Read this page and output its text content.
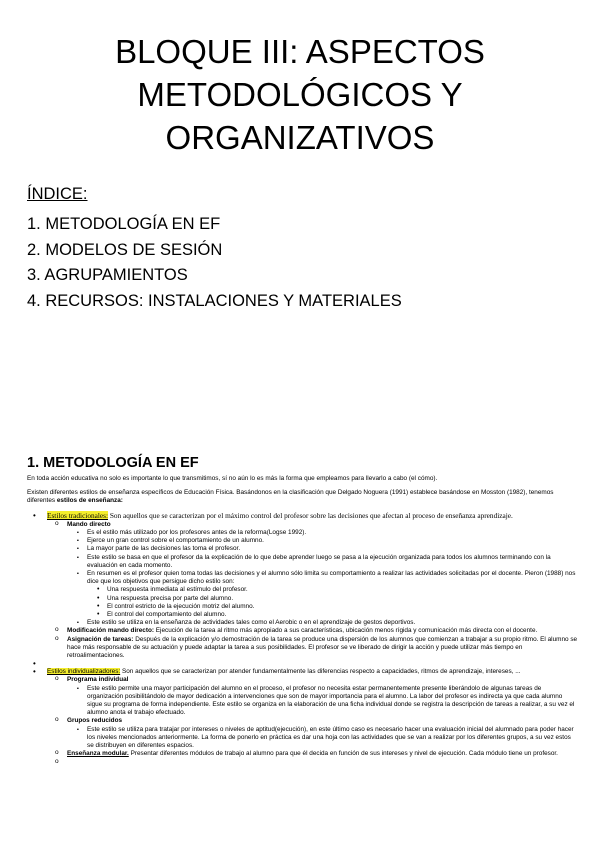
BLOQUE III: ASPECTOS
METODOLÓGICOS Y
ORGANIZATIVOS
ÍNDICE:
1. METODOLOGÍA EN EF
2. MODELOS DE SESIÓN
3. AGRUPAMIENTOS
4. RECURSOS: INSTALACIONES Y MATERIALES
1. METODOLOGÍA EN EF

En toda acción educativa no solo es importante lo que transmitimos, sí no aún lo es más la forma que empleamos para llevarlo a cabo (el cómo).

Existen diferentes estilos de enseñanza específicos de Educación Física. Basándonos en la clasificación que Delgado Noguera (1991) establece basándose en Mosston (1982), tenemos diferentes estilos de enseñanza:

• Estilos tradicionales: Son aquellos que se caracterizan por el máximo control del profesor sobre las decisiones que afectan al proceso de enseñanza aprendizaje.
o Mando directo
▪ Es el estilo más utilizado por los profesores antes de la reforma(Logse 1992).
▪ Ejerce un gran control sobre el comportamiento de un alumno.
▪ La mayor parte de las decisiones las toma el profesor.
▪ Este estilo se basa en que el profesor da la explicación de lo que debe aprender luego se pasa a la ejecución organizada para todos los alumnos terminando con la evaluación en cada momento.
▪ En resumen es el profesor quien toma todas las decisiones y el alumno sólo limita su comportamiento a realizar las actividades solicitadas por el docente. Pieron (1988) nos dice que los objetivos que persigue dicho estilo son:
• Una respuesta inmediata al estímulo del profesor.
• Una respuesta precisa por parte del alumno.
• El control estricto de la ejecución motriz del alumno.
• El control del comportamiento del alumno.
▪ Este estilo se utiliza en la enseñanza de actividades tales como el Aerobic o en el aprendizaje de gestos deportivos.
o Modificación mando directo: Ejecución de la tarea al ritmo más apropiado a sus características, ubicación menos rígida y comunicación más directa con el docente.
o Asignación de tareas: Después de la explicación y/o demostración de la tarea se produce una dispersión de los alumnos que comienzan a trabajar a su propio ritmo. El alumno se hace más responsable de su actuación y puede adaptar la tarea a sus posibilidades. El profesor se ve liberado de dirigir la acción y puede utilizar más tiempo en retroalimentaciones.
•
• Estilos individualizadores: Son aquellos que se caracterizan por atender fundamentalmente las diferencias respecto a capacidades, ritmos de aprendizaje, intereses, ...
o Programa individual
▪ Este estilo permite una mayor participación del alumno en el proceso, el profesor no necesita estar permanentemente presente liberándolo de algunas tareas de organización posibilitándolo de mayor dedicación a intervenciones que son de mayor importancia para el alumno. La labor del profesor es indirecta ya que cada alumno sigue su programa de forma independiente. Este estilo se organiza en la elaboración de una ficha individual donde se registra la descripción de tareas a realizar, a su vez el alumno anota el trabajo efectuado.
o Grupos reducidos
▪ Este estilo se utiliza para tratajar por intereses o niveles de aptitud(ejecución), en este último caso es necesario hacer una evaluación inicial del alumnado para poder hacer los niveles mencionados anteriormente. La forma de ponerlo en práctica es dar una hoja con las actividades que se van a realizar por los diferentes grupos, a su vez estos se distribuyen en diferentes espacios.
o Enseñanza modular. Presentar diferentes módulos de trabajo al alumno para que él decida en función de sus intereses y nivel de ejecución. Cada módulo tiene un profesor.
o
